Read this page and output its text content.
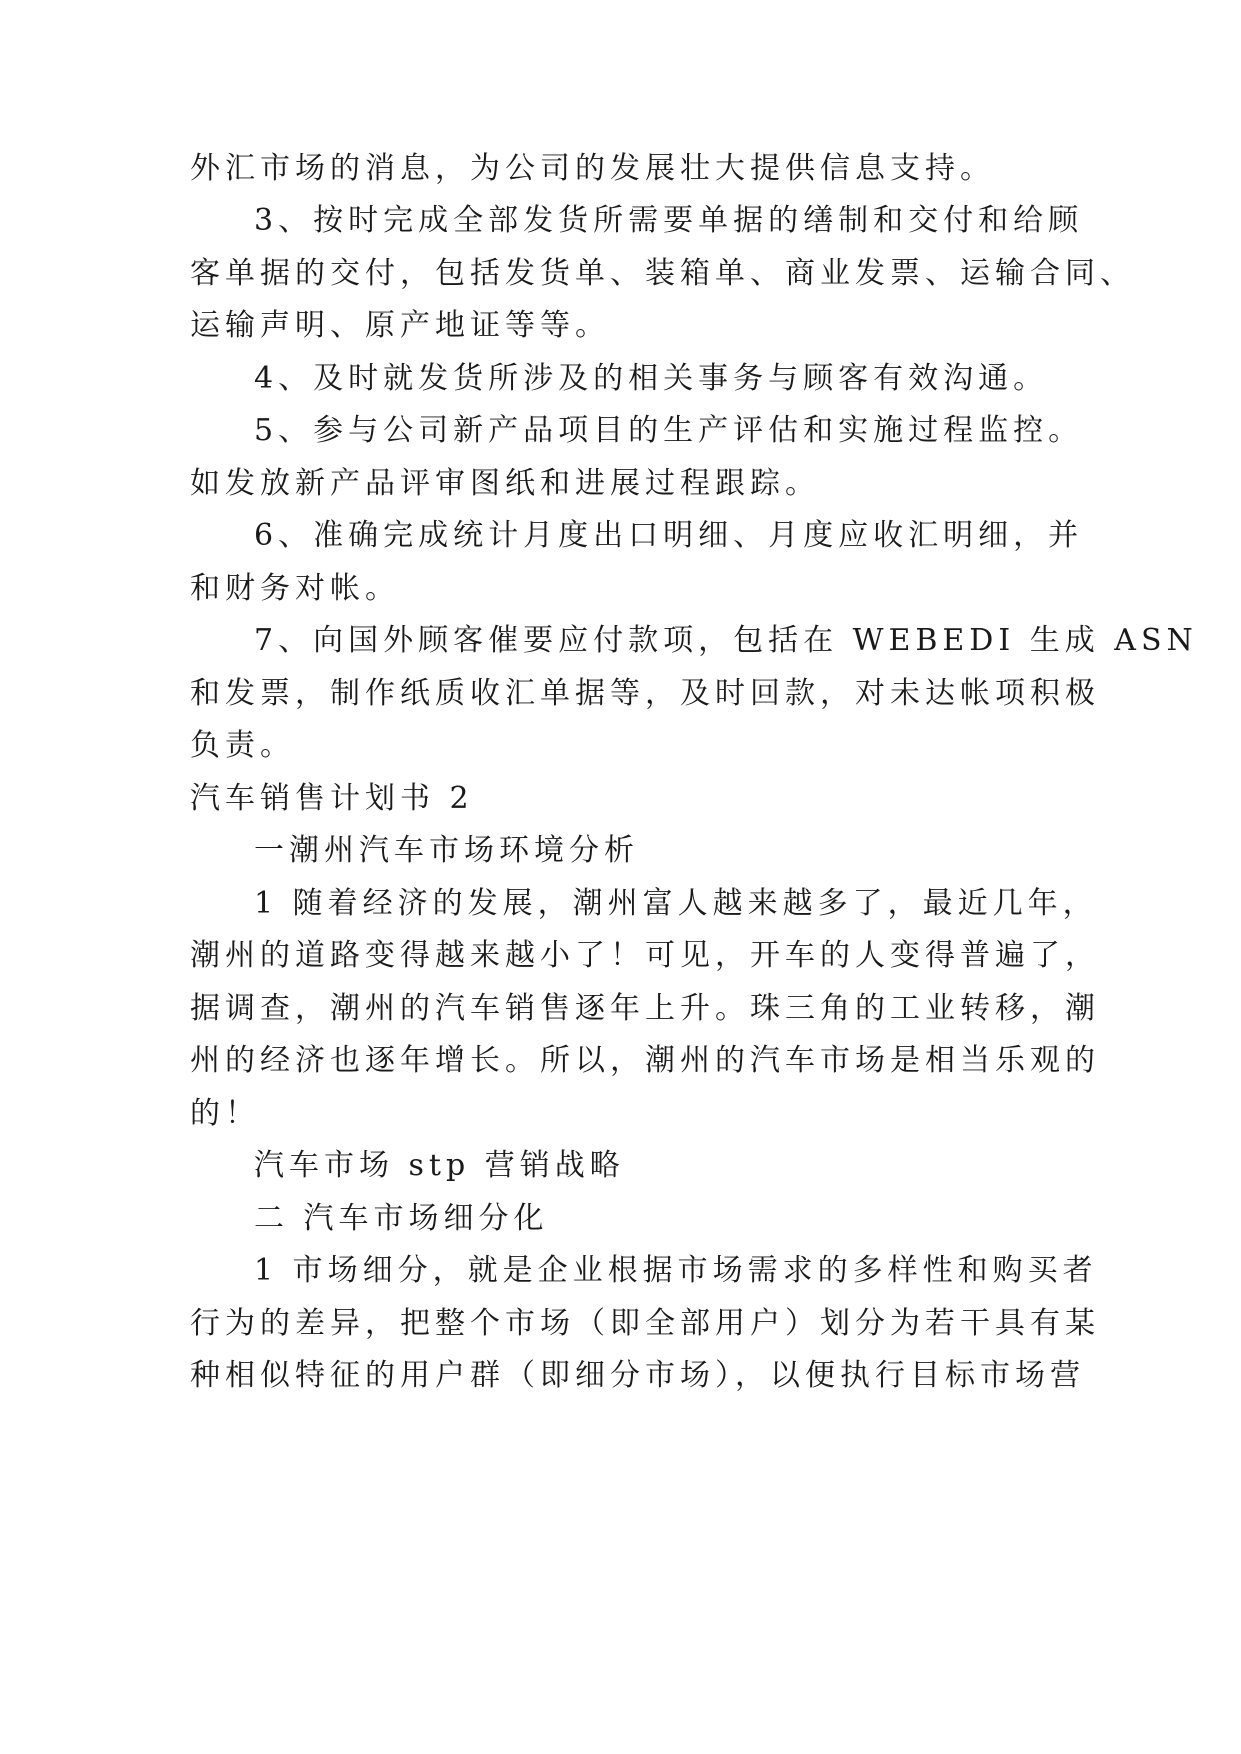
外汇市场的消息，为公司的发展壮大提供信息支持。
3、按时完成全部发货所需要单据的缮制和交付和给顾
客单据的交付，包括发货单、装箱单、商业发票、运输合同、
运输声明、原产地证等等。
4、及时就发货所涉及的相关事务与顾客有效沟通。
5、参与公司新产品项目的生产评估和实施过程监控。
如发放新产品评审图纸和进展过程跟踪。
6、准确完成统计月度出口明细、月度应收汇明细，并
和财务对帐。
7、向国外顾客催要应付款项，包括在 WEBEDI 生成 ASN
和发票，制作纸质收汇单据等，及时回款，对未达帐项积极
负责。
汽车销售计划书 2
一潮州汽车市场环境分析
1 随着经济的发展，潮州富人越来越多了，最近几年，
潮州的道路变得越来越小了！可见，开车的人变得普遍了，
据调查，潮州的汽车销售逐年上升。珠三角的工业转移，潮
州的经济也逐年增长。所以，潮州的汽车市场是相当乐观的
的！
汽车市场 stp 营销战略
二 汽车市场细分化
1 市场细分，就是企业根据市场需求的多样性和购买者
行为的差异，把整个市场（即全部用户）划分为若干具有某
种相似特征的用户群（即细分市场），以便执行目标市场营
